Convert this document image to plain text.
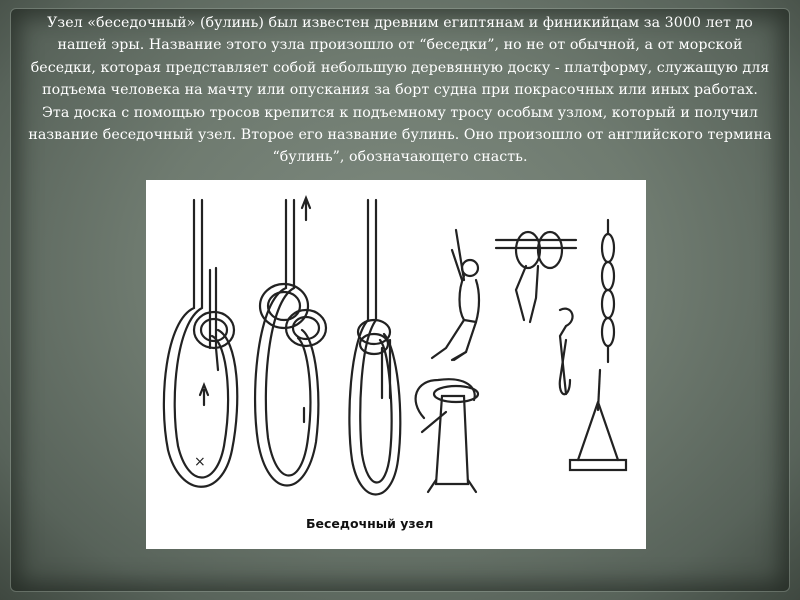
Узел «беседочный» (булинь) был известен древним египтянам и финикийцам за 3000 лет до нашей эры. Название этого узла произошло от “беседки”, но не от обычной, а от морской беседки, которая представляет собой небольшую деревянную доску - платформу, служащую для подъема человека на мачту или опускания за борт судна при покрасочных или иных работах. Эта доска с помощью тросов крепится к подъемному тросу особым узлом, который и получил название беседочный узел. Второе его название булинь. Оно произошло от английского термина “булинь”, обозначающего снасть.
×
Беседочный узел
